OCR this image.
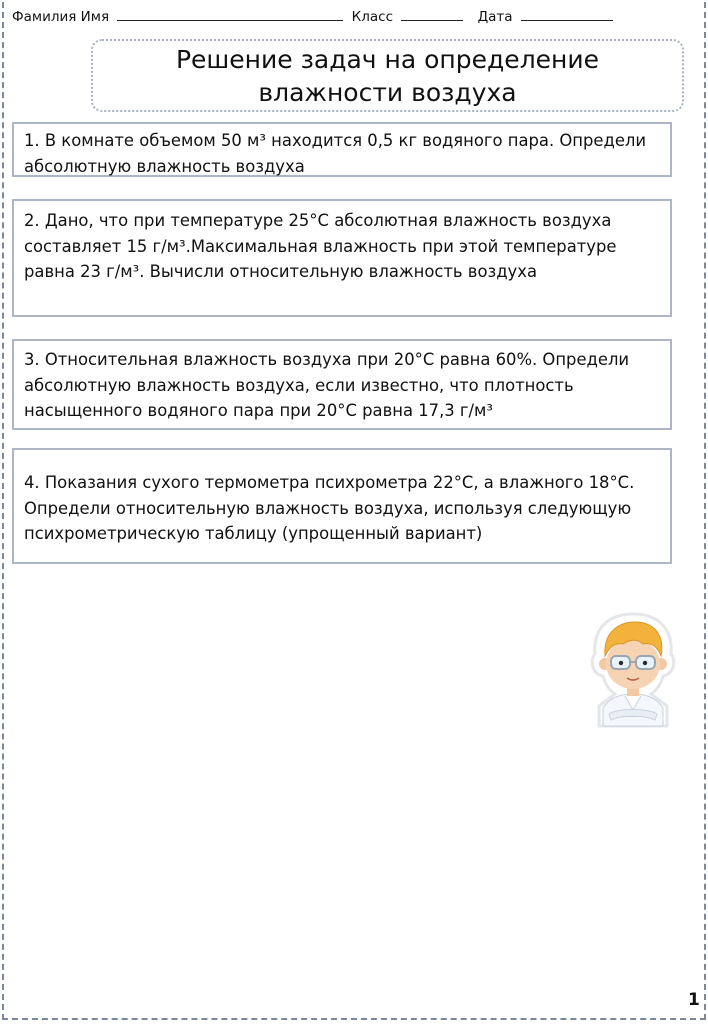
Фамилия Имя	Класс	Дата
Решение задач на определение
влажности воздуха
1. В комнате объемом 50 м³ находится 0,5 кг водяного пара. Определи абсолютную влажность воздуха
2. Дано, что при температуре 25°С абсолютная влажность воздуха составляет 15 г/м³.Максимальная влажность при этой температуре равна 23 г/м³. Вычисли относительную влажность воздуха
3. Относительная влажность воздуха при 20°С равна 60%. Определи абсолютную влажность воздуха, если известно, что плотность насыщенного водяного пара при 20°С равна 17,3 г/м³
4. Показания сухого термометра психрометра 22°С, а влажного 18°С. Определи относительную влажность воздуха, используя следующую психрометрическую таблицу (упрощенный вариант)
1
